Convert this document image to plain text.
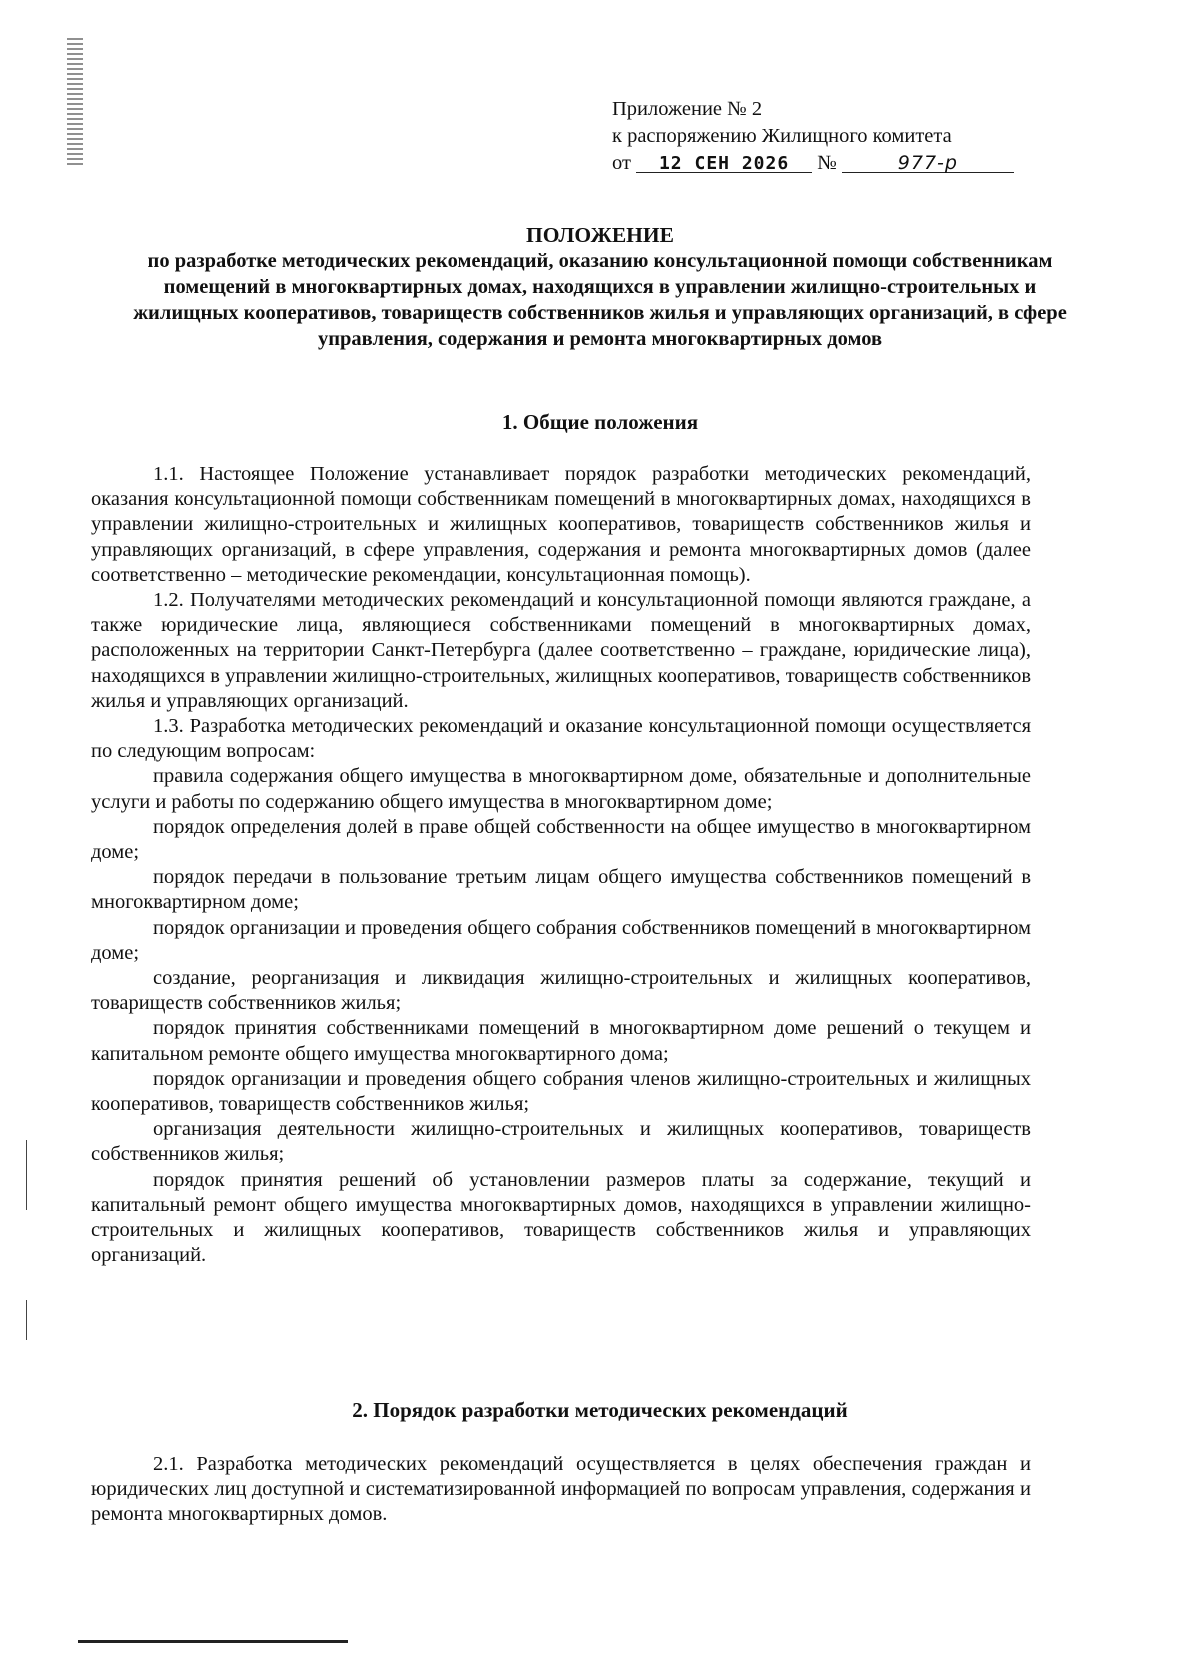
Приложение № 2
к распоряжению Жилищного комитета
от 12 СЕН 2026 №	977-р
ПОЛОЖЕНИЕ
по разработке методических рекомендаций, оказанию консультационной помощи собственникам помещений в многоквартирных домах, находящихся в управлении жилищно-строительных и жилищных кооперативов, товариществ собственников жилья и управляющих организаций, в сфере управления, содержания и ремонта многоквартирных домов
1. Общие положения

1.1. Настоящее Положение устанавливает порядок разработки методических рекомендаций, оказания консультационной помощи собственникам помещений в многоквартирных домах, находящихся в управлении жилищно-строительных и жилищных кооперативов, товариществ собственников жилья и управляющих организаций, в сфере управления, содержания и ремонта многоквартирных домов (далее соответственно – методические рекомендации, консультационная помощь).

1.2. Получателями методических рекомендаций и консультационной помощи являются граждане, а также юридические лица, являющиеся собственниками помещений в многоквартирных домах, расположенных на территории Санкт-Петербурга (далее соответственно – граждане, юридические лица), находящихся в управлении жилищно-строительных, жилищных кооперативов, товариществ собственников жилья и управляющих организаций.

1.3. Разработка методических рекомендаций и оказание консультационной помощи осуществляется по следующим вопросам:

правила содержания общего имущества в многоквартирном доме, обязательные и дополнительные услуги и работы по содержанию общего имущества в многоквартирном доме;

порядок определения долей в праве общей собственности на общее имущество в многоквартирном доме;

порядок передачи в пользование третьим лицам общего имущества собственников помещений в многоквартирном доме;

порядок организации и проведения общего собрания собственников помещений в многоквартирном доме;

создание, реорганизация и ликвидация жилищно-строительных и жилищных кооперативов, товариществ собственников жилья;

порядок принятия собственниками помещений в многоквартирном доме решений о текущем и капитальном ремонте общего имущества многоквартирного дома;

порядок организации и проведения общего собрания членов жилищно-строительных и жилищных кооперативов, товариществ собственников жилья;

организация деятельности жилищно-строительных и жилищных кооперативов, товариществ собственников жилья;

порядок принятия решений об установлении размеров платы за содержание, текущий и капитальный ремонт общего имущества многоквартирных домов, находящихся в управлении жилищно-строительных и жилищных кооперативов, товариществ собственников жилья и управляющих организаций.

2. Порядок разработки методических рекомендаций

2.1. Разработка методических рекомендаций осуществляется в целях обеспечения граждан и юридических лиц доступной и систематизированной информацией по вопросам управления, содержания и ремонта многоквартирных домов.
